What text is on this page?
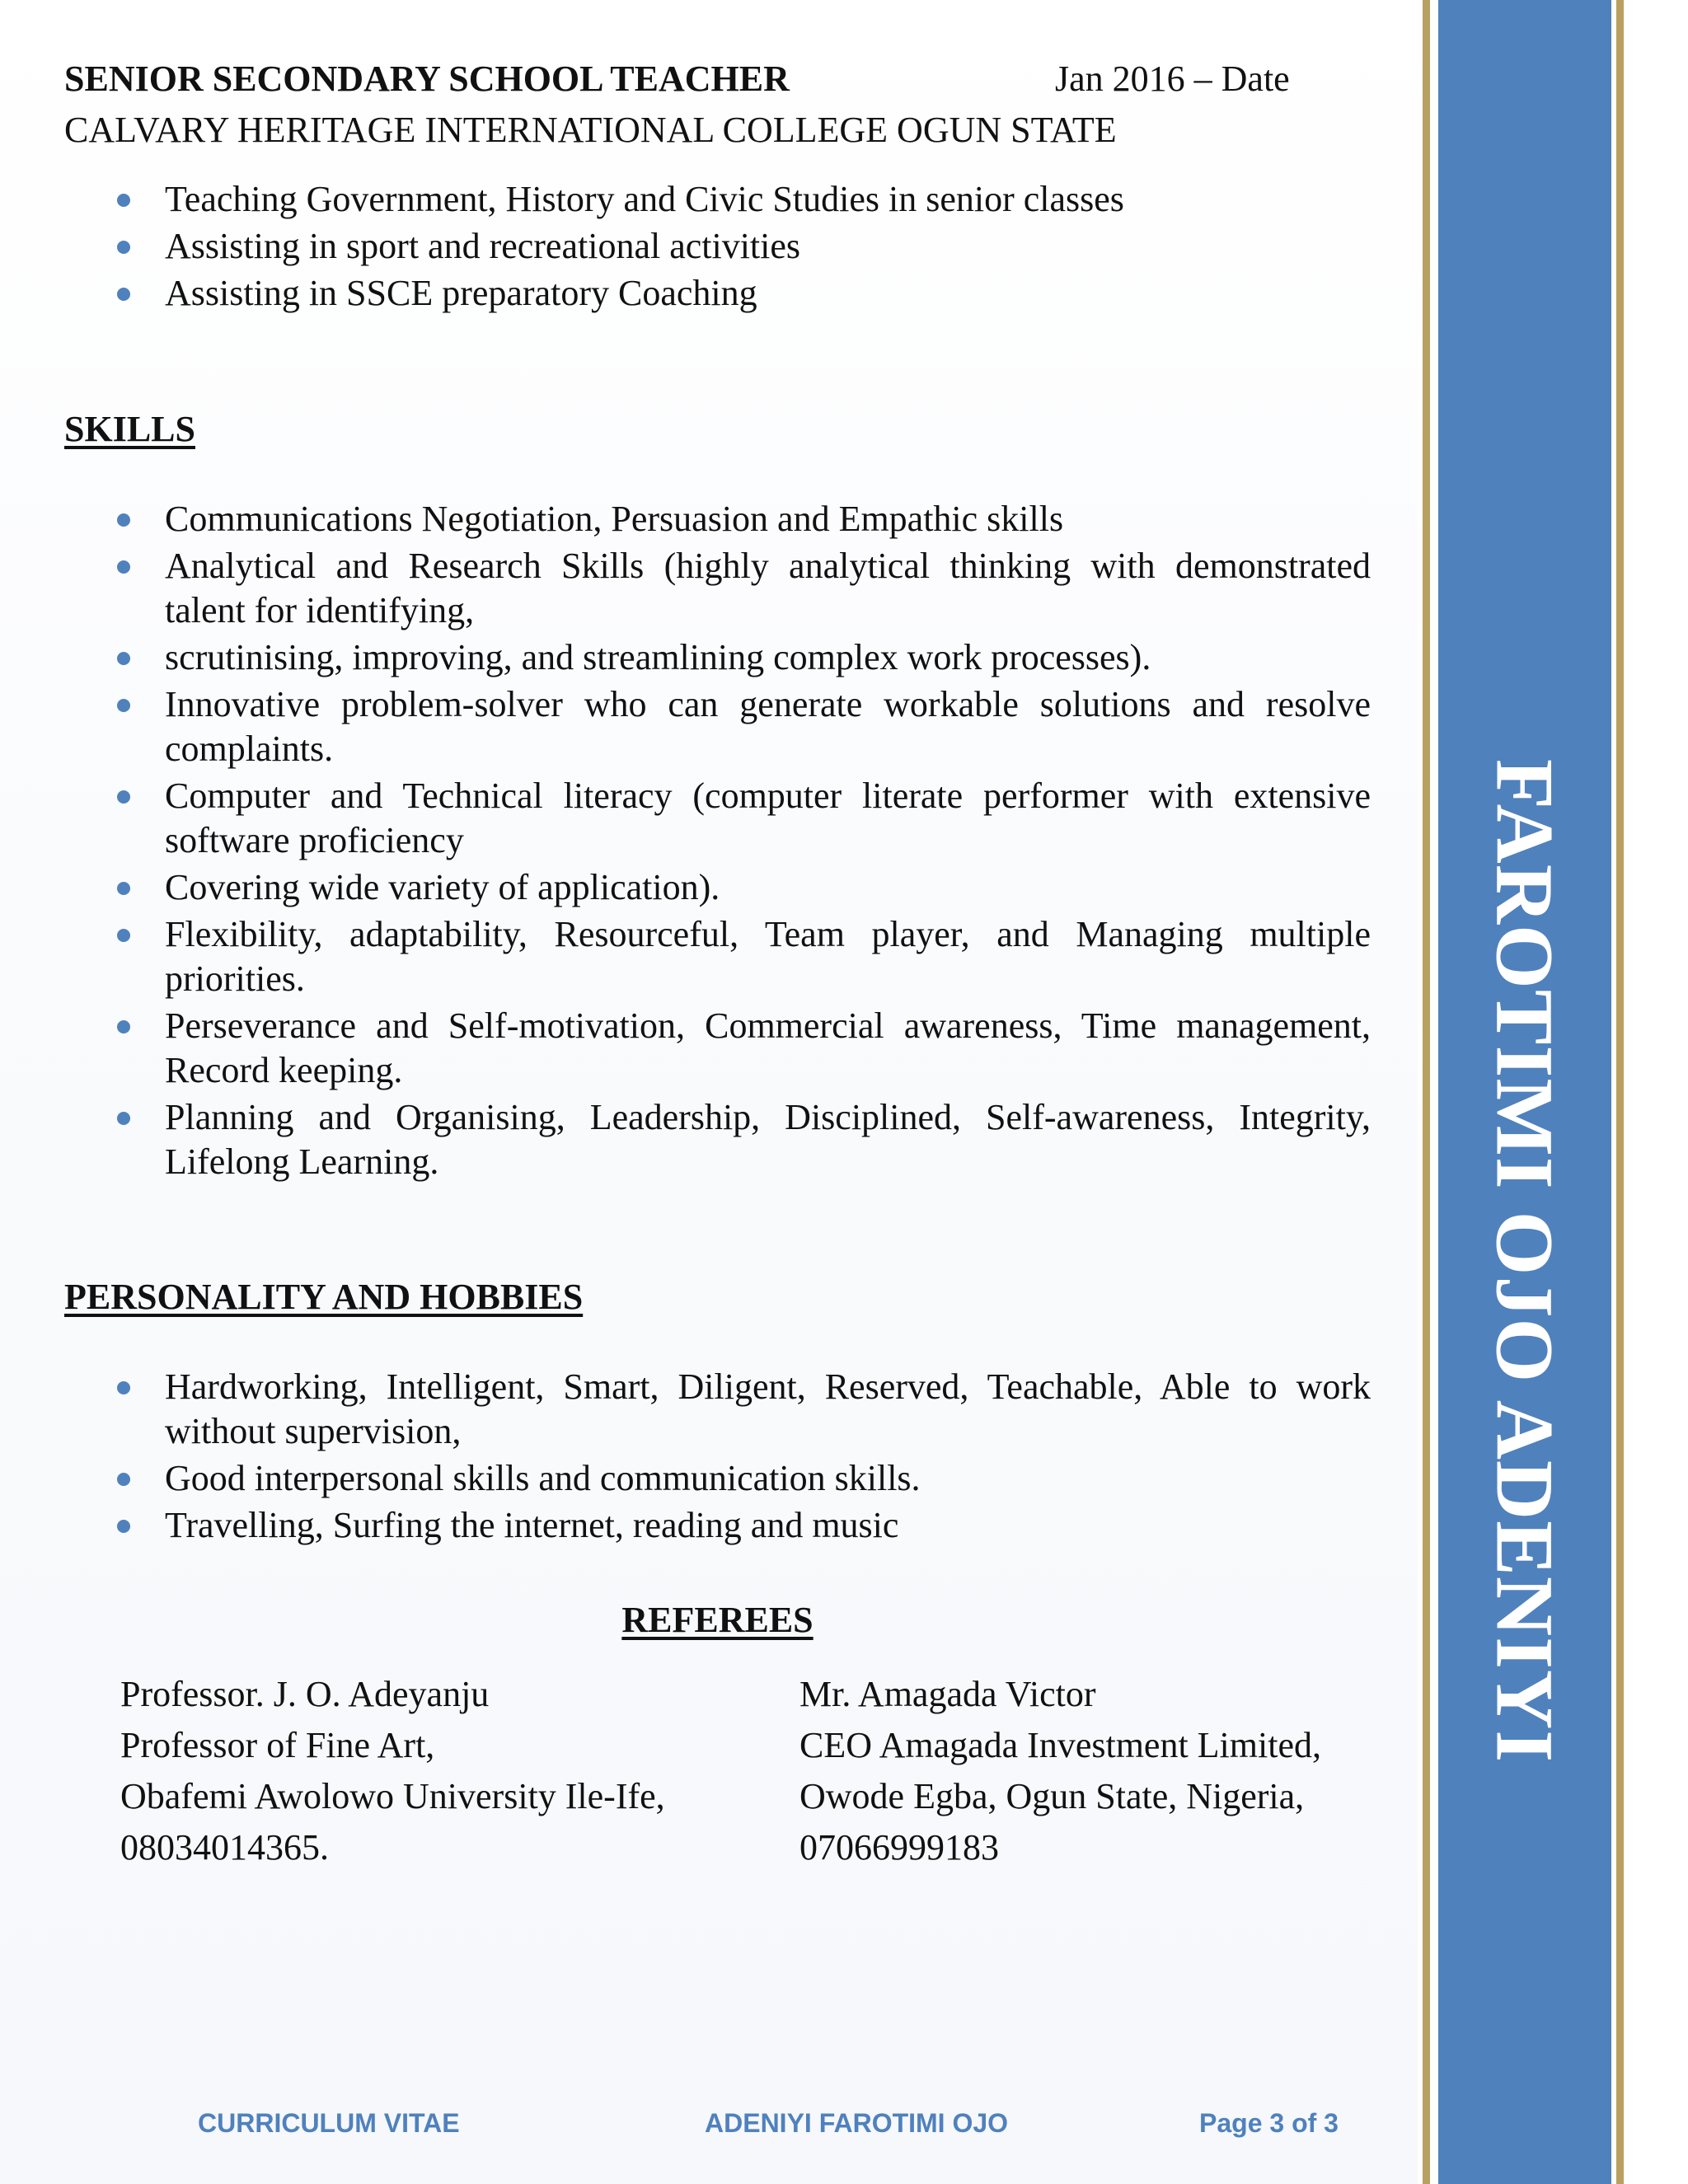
FAROTIMI OJO ADENIYI
SENIOR SECONDARY SCHOOL TEACHER	Jan 2016 – Date
CALVARY HERITAGE INTERNATIONAL COLLEGE OGUN STATE
Teaching Government, History and Civic Studies in senior classes
Assisting in sport and recreational activities
Assisting in SSCE preparatory Coaching
SKILLS
Communications Negotiation, Persuasion and Empathic skills
Analytical and Research Skills (highly analytical thinking with demonstrated talent for identifying,
scrutinising, improving, and streamlining complex work processes).
Innovative problem-solver who can generate workable solutions and resolve complaints.
Computer and Technical literacy (computer literate performer with extensive software proficiency
Covering wide variety of application).
Flexibility, adaptability, Resourceful, Team player, and Managing multiple priorities.
Perseverance and Self-motivation, Commercial awareness, Time management, Record keeping.
Planning and Organising, Leadership, Disciplined, Self-awareness, Integrity, Lifelong Learning.
PERSONALITY AND HOBBIES
Hardworking, Intelligent, Smart, Diligent, Reserved, Teachable, Able to work without supervision,
Good interpersonal skills and communication skills.
Travelling, Surfing the internet, reading and music
REFEREES
Professor. J. O. Adeyanju
Professor of Fine Art,
Obafemi Awolowo University Ile-Ife,
08034014365.
Mr. Amagada Victor
CEO Amagada Investment Limited,
Owode Egba, Ogun State, Nigeria,
07066999183
CURRICULUM VITAE	ADENIYI FAROTIMI OJO	Page 3 of 3
